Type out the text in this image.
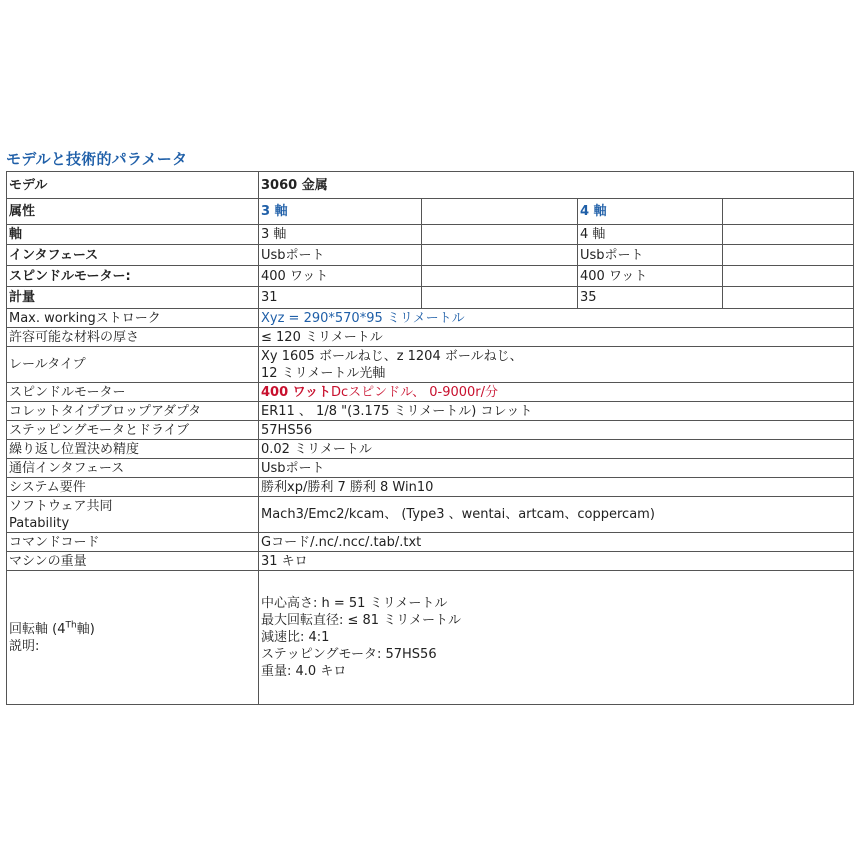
モデルと技術的パラメータ
モデル	3060 金属			
属性	3 軸		4 軸	
軸	3 軸		4 軸	
インタフェース	Usbポート		Usbポート	
スピンドルモーター:	400 ワット		400 ワット	
計量	31		35	
Max. workingストローク	Xyz = 290*570*95 ミリメートル			
許容可能な材料の厚さ	≤ 120 ミリメートル			
レールタイプ	Xy 1605 ボールねじ、z 1204 ボールねじ、
12 ミリメートル光軸			

スピンドルモーター	400 ワットDcスピンドル、 0-9000r/分			
コレットタイプブロップアダプタ	ER11 、 1/8 "(3.175 ミリメートル) コレット			
ステッピングモータとドライブ	57HS56			
繰り返し位置決め精度	0.02 ミリメートル			
通信インタフェース	Usbポート			
システム要件	勝利xp/勝利 7 勝利 8 Win10			

ソフトウェア共同
Patability	Mach3/Emc2/kcam、 (Type3 、wentai、artcam、coppercam)			
コマンドコード	Gコード/.nc/.ncc/.tab/.txt			
マシンの重量	31 キロ			

回転軸 (4Th軸)
説明:	中心高さ: h = 51 ミリメートル
最大回転直径: ≤ 81 ミリメートル
減速比: 4:1
ステッピングモータ: 57HS56
重量: 4.0 キロ			
